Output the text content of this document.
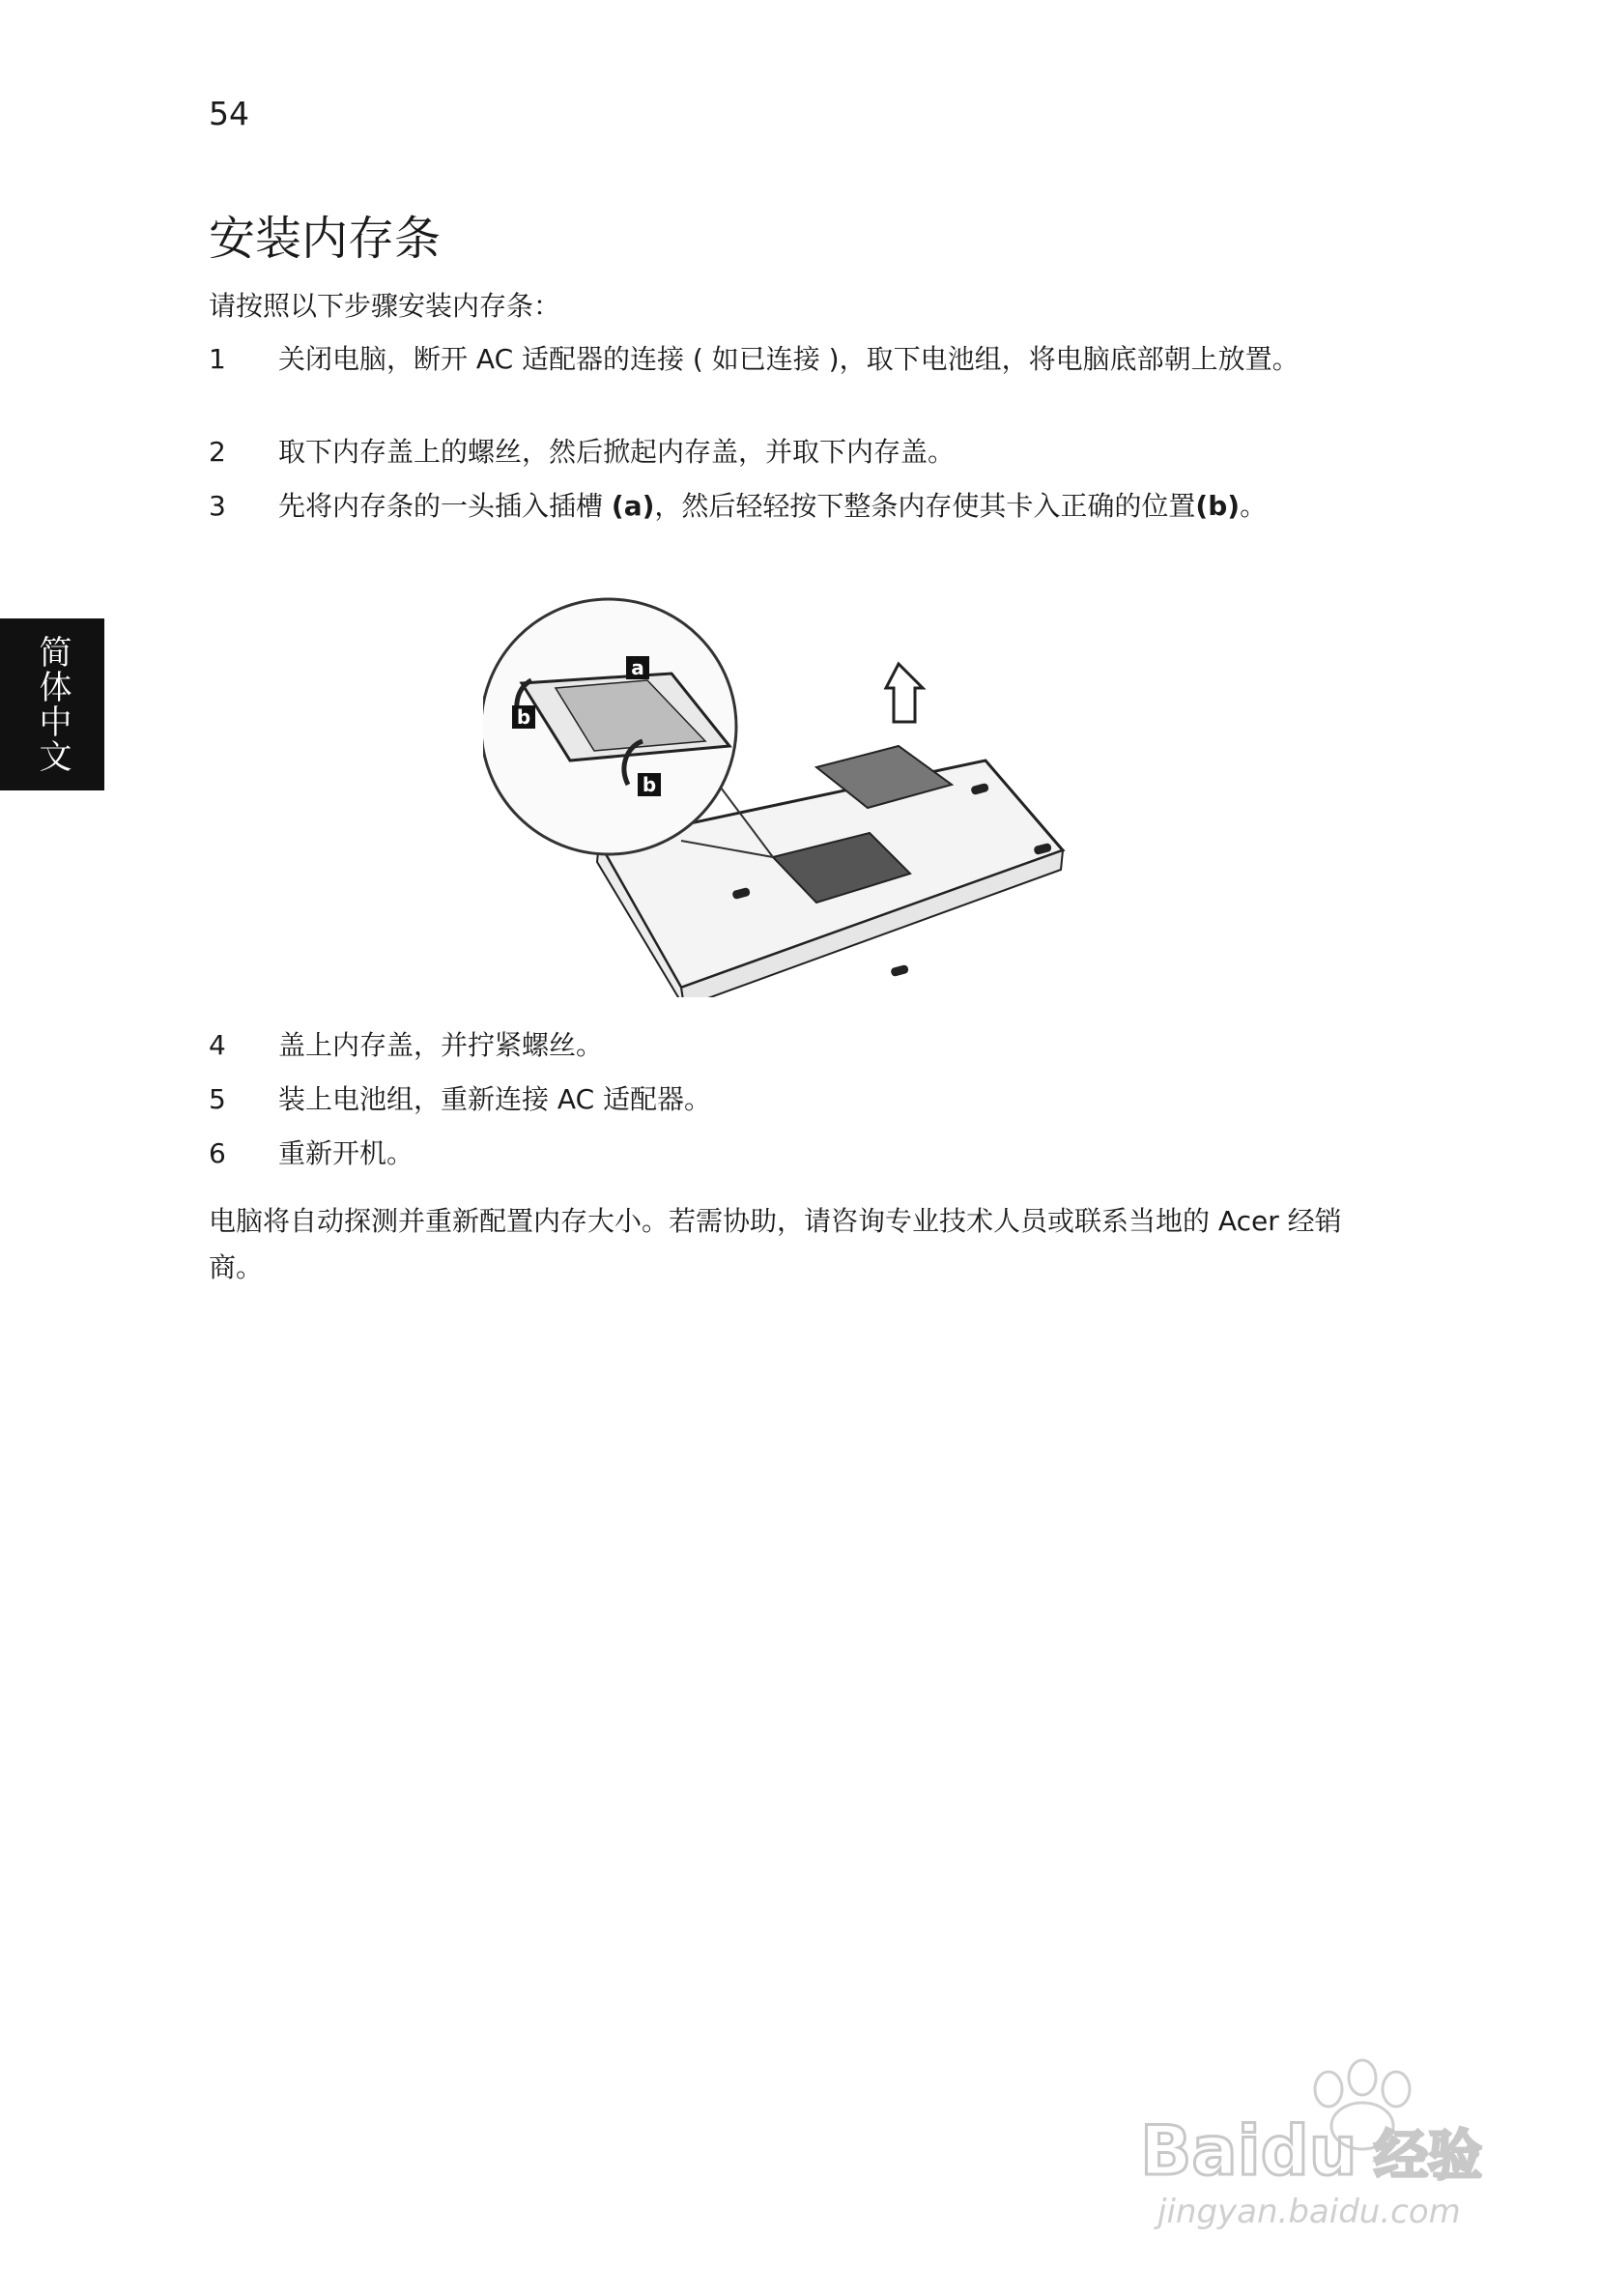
54
简体中文
安装内存条
请按照以下步骤安装内存条：
1	关闭电脑，断开 AC 适配器的连接 ( 如已连接 )，取下电池组，将电脑底部朝上放置。
2	取下内存盖上的螺丝，然后掀起内存盖，并取下内存盖。
3	先将内存条的一头插入插槽 (a)，然后轻轻按下整条内存使其卡入正确的位置(b)。
a
b
b
4	盖上内存盖，并拧紧螺丝。
5	装上电池组，重新连接 AC 适配器。
6	重新开机。
电脑将自动探测并重新配置内存大小。若需协助，请咨询专业技术人员或联系当地的 Acer 经销商。
Baidu 经验
jingyan.baidu.com
